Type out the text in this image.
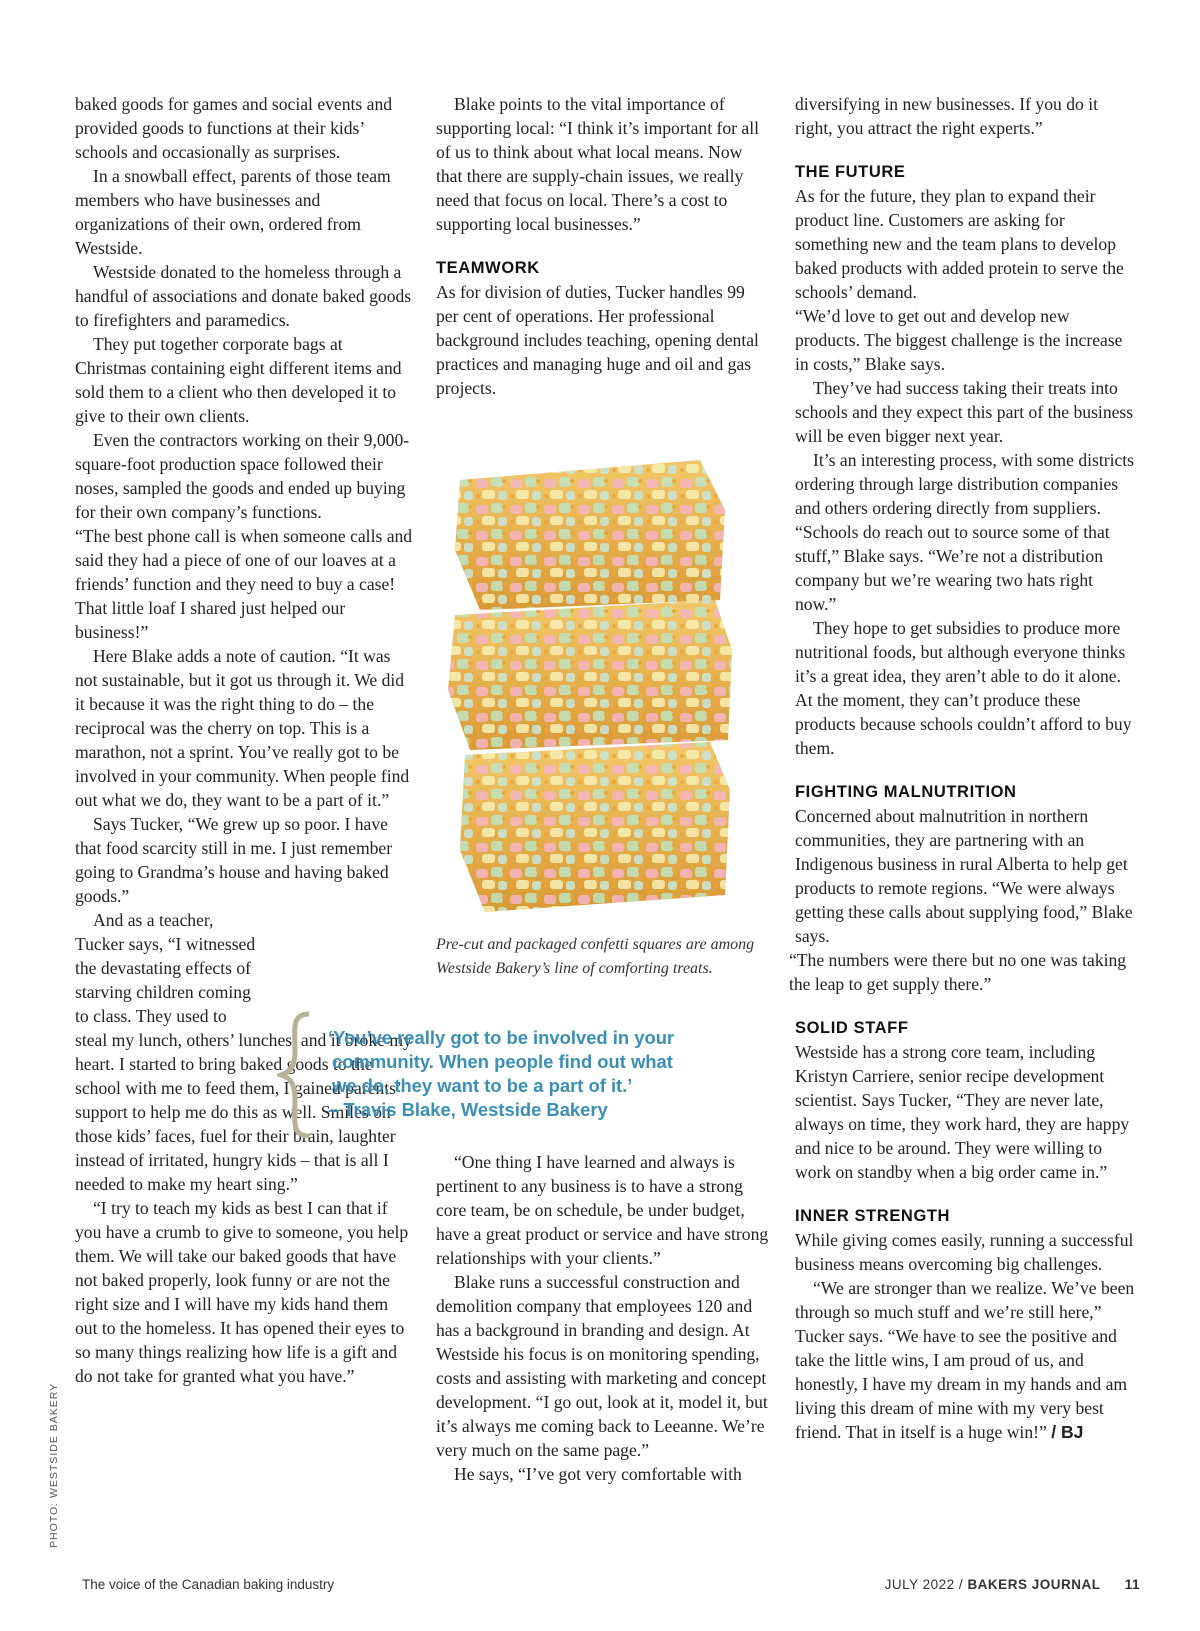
baked goods for games and social events and provided goods to functions at their kids’ schools and occasionally as surprises.

In a snowball effect, parents of those team members who have businesses and organizations of their own, ordered from Westside.

Westside donated to the homeless through a handful of associations and donate baked goods to firefighters and paramedics.

They put together corporate bags at Christmas containing eight different items and sold them to a client who then developed it to give to their own clients.

Even the contractors working on their 9,000-square-foot production space followed their noses, sampled the goods and ended up buying for their own company’s functions.

“The best phone call is when someone calls and said they had a piece of one of our loaves at a friends’ function and they need to buy a case! That little loaf I shared just helped our business!”

Here Blake adds a note of caution. “It was not sustainable, but it got us through it. We did it because it was the right thing to do – the reciprocal was the cherry on top. This is a marathon, not a sprint. You’ve really got to be involved in your community. When people find out what we do, they want to be a part of it.”

Says Tucker, “We grew up so poor. I have that food scarcity still in me. I just remember going to Grandma’s house and having baked goods.”

And as a teacher, Tucker says, “I witnessed the devastating effects of starving children coming to class. They used to

steal my lunch, others’ lunches, and it broke my heart. I started to bring baked goods to the school with me to feed them, I gained parents’ support to help me do this as well. Smiles on those kids’ faces, fuel for their brain, laughter instead of irritated, hungry kids – that is all I needed to make my heart sing.”

“I try to teach my kids as best I can that if you have a crumb to give to someone, you help them. We will take our baked goods that have not baked properly, look funny or are not the right size and I will have my kids hand them out to the homeless. It has opened their eyes to so many things realizing how life is a gift and do not take for granted what you have.”

Blake points to the vital importance of supporting local: “I think it’s important for all of us to think about what local means. Now that there are supply-chain issues, we really need that focus on local. There’s a cost to supporting local businesses.”

TEAMWORK

As for division of duties, Tucker handles 99 per cent of operations. Her professional background includes teaching, opening dental practices and managing huge and oil and gas projects.

Pre-cut and packaged confetti squares are among Westside Bakery’s line of comforting treats.
‘You’ve really got to be involved in your
community. When people find out what
we do, they want to be a part of it.’
– Travis Blake, Westside Bakery

“One thing I have learned and always is pertinent to any business is to have a strong core team, be on schedule, be under budget, have a great product or service and have strong relationships with your clients.”

Blake runs a successful construction and demolition company that employees 120 and has a background in branding and design. At Westside his focus is on monitoring spending, costs and assisting with marketing and concept development. “I go out, look at it, model it, but it’s always me coming back to Leeanne. We’re very much on the same page.”

He says, “I’ve got very comfortable with

diversifying in new businesses. If you do it right, you attract the right experts.”

THE FUTURE

As for the future, they plan to expand their product line. Customers are asking for something new and the team plans to develop baked products with added protein to serve the schools’ demand.

“We’d love to get out and develop new products. The biggest challenge is the increase in costs,” Blake says.

They’ve had success taking their treats into schools and they expect this part of the business will be even bigger next year.

It’s an interesting process, with some districts ordering through large distribution companies and others ordering directly from suppliers. “Schools do reach out to source some of that stuff,” Blake says. “We’re not a distribution company but we’re wearing two hats right now.”

They hope to get subsidies to produce more nutritional foods, but although everyone thinks it’s a great idea, they aren’t able to do it alone. At the moment, they can’t produce these products because schools couldn’t afford to buy them.

FIGHTING MALNUTRITION

Concerned about malnutrition in northern communities, they are partnering with an Indigenous business in rural Alberta to help get products to remote regions. “We were always getting these calls about supplying food,” Blake says.

“The numbers were there but no one was taking the leap to get supply there.”

SOLID STAFF

Westside has a strong core team, including Kristyn Carriere, senior recipe development scientist. Says Tucker, “They are never late, always on time, they work hard, they are happy and nice to be around. They were willing to work on standby when a big order came in.”

INNER STRENGTH

While giving comes easily, running a successful business means overcoming big challenges.

“We are stronger than we realize. We’ve been through so much stuff and we’re still here,” Tucker says. “We have to see the positive and take the little wins, I am proud of us, and honestly, I have my dream in my hands and am living this dream of mine with my very best friend. That in itself is a huge win!” / BJ

PHOTO: WESTSIDE BAKERY
The voice of the Canadian baking industry	JULY 2022 / BAKERS JOURNAL 11
